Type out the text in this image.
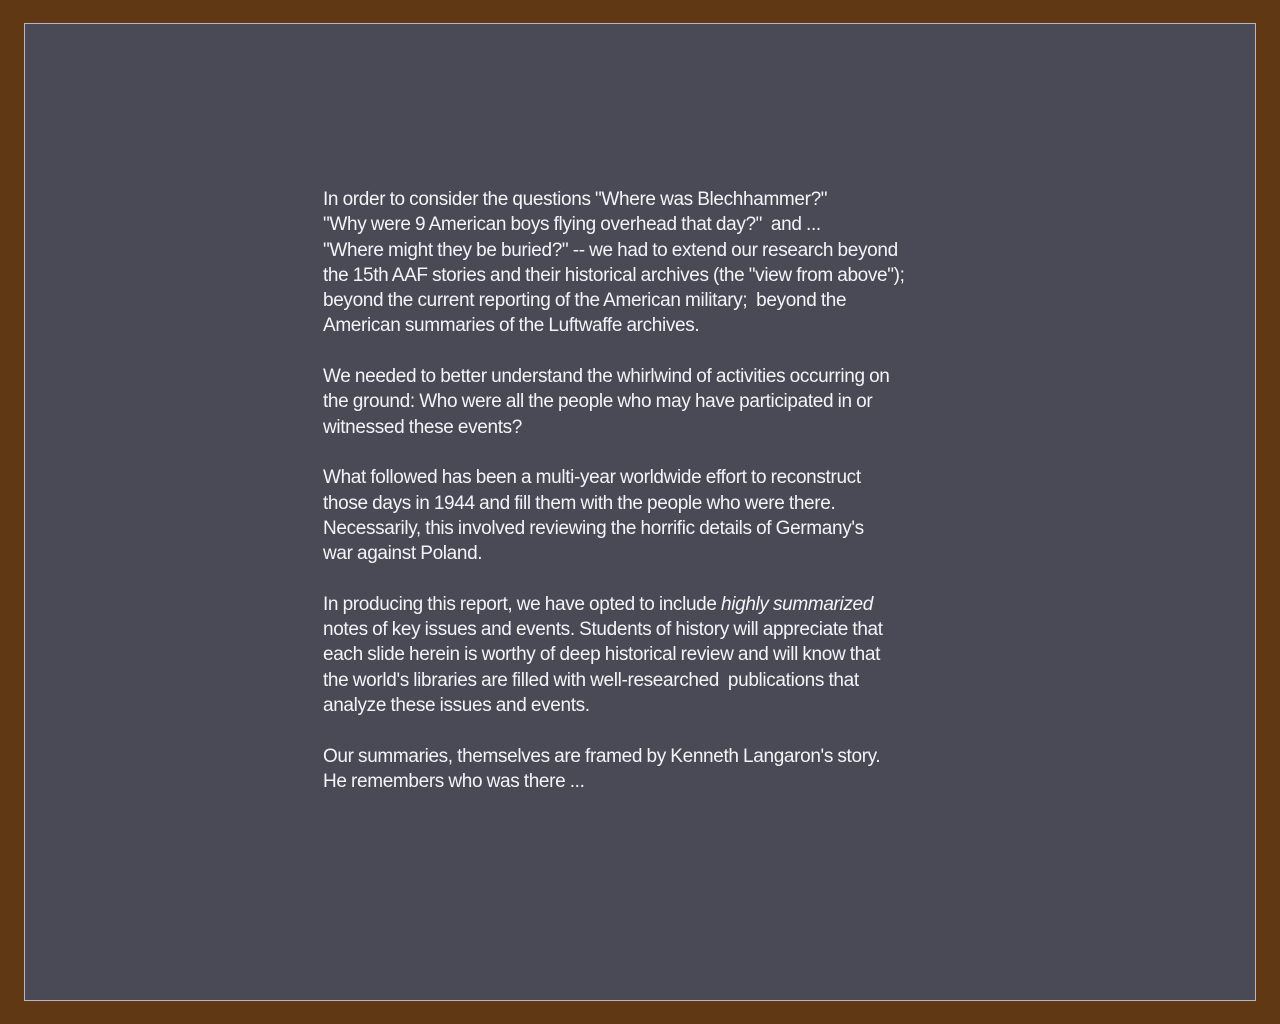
In order to consider the questions "Where was Blechhammer?"
"Why were 9 American boys flying overhead that day?"  and ...
"Where might they be buried?" -- we had to extend our research beyond
the 15th AAF stories and their historical archives (the "view from above");
beyond the current reporting of the American military;  beyond the
American summaries of the Luftwaffe archives.

We needed to better understand the whirlwind of activities occurring on
the ground: Who were all the people who may have participated in or
witnessed these events?

What followed has been a multi-year worldwide effort to reconstruct
those days in 1944 and fill them with the people who were there.
Necessarily, this involved reviewing the horrific details of Germany's
war against Poland.

In producing this report, we have opted to include highly summarized
notes of key issues and events. Students of history will appreciate that
each slide herein is worthy of deep historical review and will know that
the world's libraries are filled with well-researched  publications that
analyze these issues and events.

Our summaries, themselves are framed by Kenneth Langaron's story.
He remembers who was there ...
